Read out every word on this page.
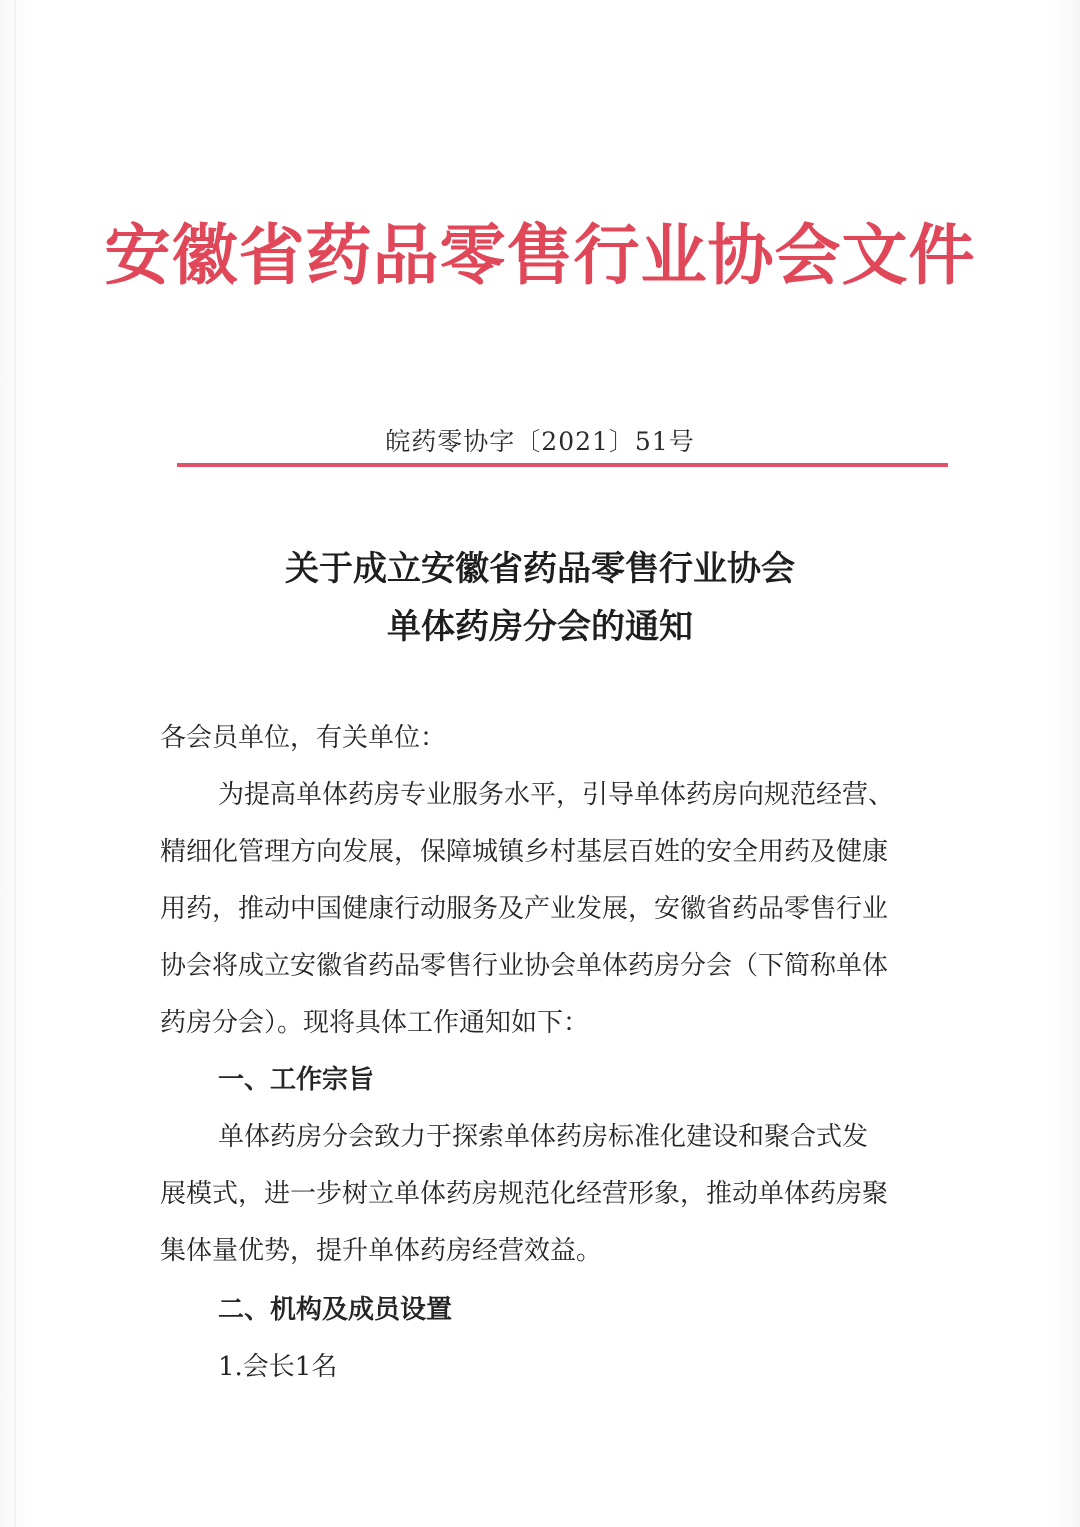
安徽省药品零售行业协会文件
皖药零协字〔2021〕51号
关于成立安徽省药品零售行业协会
单体药房分会的通知

各会员单位，有关单位：

为提高单体药房专业服务水平，引导单体药房向规范经营、

精细化管理方向发展，保障城镇乡村基层百姓的安全用药及健康

用药，推动中国健康行动服务及产业发展，安徽省药品零售行业

协会将成立安徽省药品零售行业协会单体药房分会（下简称单体

药房分会）。现将具体工作通知如下：

一、工作宗旨

单体药房分会致力于探索单体药房标准化建设和聚合式发

展模式，进一步树立单体药房规范化经营形象，推动单体药房聚

集体量优势，提升单体药房经营效益。

二、机构及成员设置

1.会长1名
